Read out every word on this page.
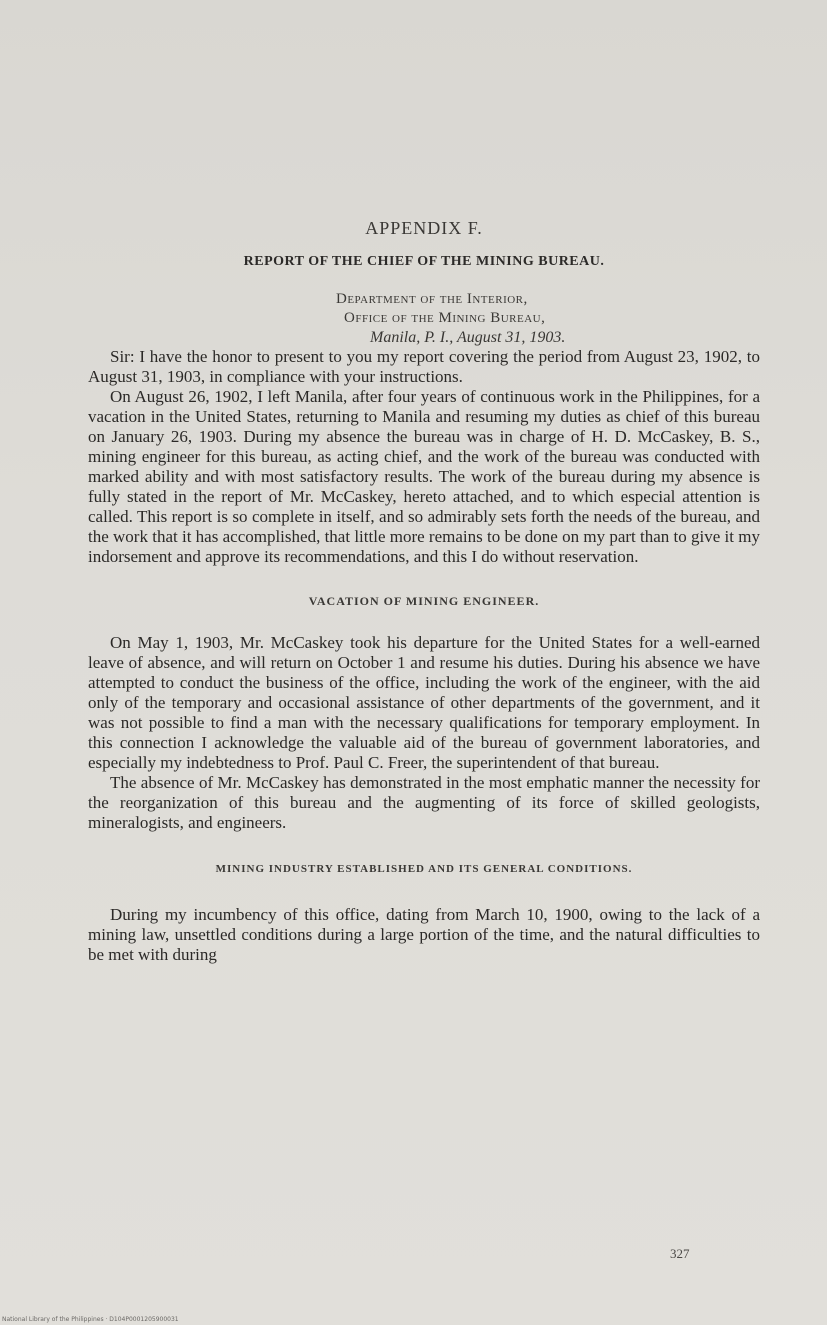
APPENDIX F.
REPORT OF THE CHIEF OF THE MINING BUREAU.
Department of the Interior,
Office of the Mining Bureau,
Manila, P. I., August 31, 1903.

Sir: I have the honor to present to you my report covering the period from August 23, 1902, to August 31, 1903, in compliance with your instructions.

On August 26, 1902, I left Manila, after four years of continuous work in the Philippines, for a vacation in the United States, returning to Manila and resuming my duties as chief of this bureau on January 26, 1903. During my absence the bureau was in charge of H. D. McCaskey, B. S., mining engineer for this bureau, as acting chief, and the work of the bureau was conducted with marked ability and with most satisfactory results. The work of the bureau during my absence is fully stated in the report of Mr. McCaskey, hereto attached, and to which especial attention is called. This report is so complete in itself, and so admirably sets forth the needs of the bureau, and the work that it has accomplished, that little more remains to be done on my part than to give it my indorsement and approve its recommendations, and this I do without reservation.

VACATION OF MINING ENGINEER.

On May 1, 1903, Mr. McCaskey took his departure for the United States for a well-earned leave of absence, and will return on October 1 and resume his duties. During his absence we have attempted to conduct the business of the office, including the work of the engineer, with the aid only of the temporary and occasional assistance of other departments of the government, and it was not possible to find a man with the necessary qualifications for temporary employment. In this connection I acknowledge the valuable aid of the bureau of government laboratories, and especially my indebtedness to Prof. Paul C. Freer, the superintendent of that bureau.

The absence of Mr. McCaskey has demonstrated in the most emphatic manner the necessity for the reorganization of this bureau and the augmenting of its force of skilled geologists, mineralogists, and engineers.

MINING INDUSTRY ESTABLISHED AND ITS GENERAL CONDITIONS.

During my incumbency of this office, dating from March 10, 1900, owing to the lack of a mining law, unsettled conditions during a large portion of the time, and the natural difficulties to be met with during

327
National Library of the Philippines · D104P0001205900031
